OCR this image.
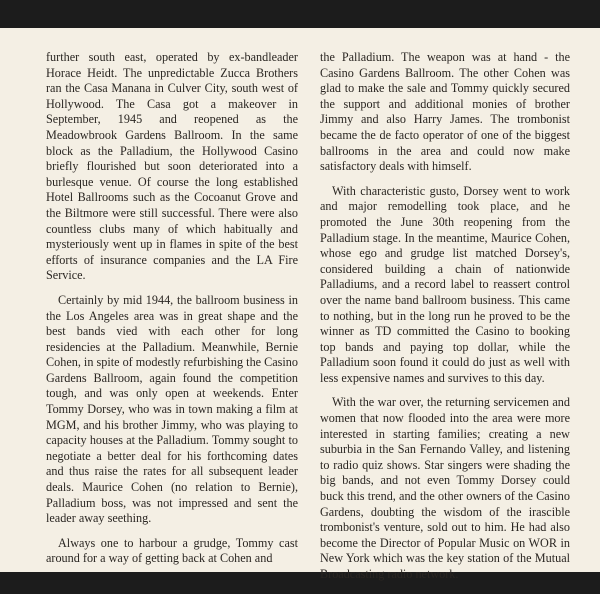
further south east, operated by ex-bandleader Horace Heidt. The unpredictable Zucca Brothers ran the Casa Manana in Culver City, south west of Hollywood. The Casa got a makeover in September, 1945 and reopened as the Meadowbrook Gardens Ballroom. In the same block as the Palladium, the Hollywood Casino briefly flourished but soon deteriorated into a burlesque venue. Of course the long established Hotel Ballrooms such as the Cocoanut Grove and the Biltmore were still successful. There were also countless clubs many of which habitually and mysteriously went up in flames in spite of the best efforts of insurance companies and the LA Fire Service.

Certainly by mid 1944, the ballroom business in the Los Angeles area was in great shape and the best bands vied with each other for long residencies at the Palladium. Meanwhile, Bernie Cohen, in spite of modestly refurbishing the Casino Gardens Ballroom, again found the competition tough, and was only open at weekends. Enter Tommy Dorsey, who was in town making a film at MGM, and his brother Jimmy, who was playing to capacity houses at the Palladium. Tommy sought to negotiate a better deal for his forthcoming dates and thus raise the rates for all subsequent leader deals. Maurice Cohen (no relation to Bernie), Palladium boss, was not impressed and sent the leader away seething.

Always one to harbour a grudge, Tommy cast around for a way of getting back at Cohen and

the Palladium. The weapon was at hand - the Casino Gardens Ballroom. The other Cohen was glad to make the sale and Tommy quickly secured the support and additional monies of brother Jimmy and also Harry James. The trombonist became the de facto operator of one of the biggest ballrooms in the area and could now make satisfactory deals with himself.

With characteristic gusto, Dorsey went to work and major remodelling took place, and he promoted the June 30th reopening from the Palladium stage. In the meantime, Maurice Cohen, whose ego and grudge list matched Dorsey's, considered building a chain of nationwide Palladiums, and a record label to reassert control over the name band ballroom business. This came to nothing, but in the long run he proved to be the winner as TD committed the Casino to booking top bands and paying top dollar, while the Palladium soon found it could do just as well with less expensive names and survives to this day.

With the war over, the returning servicemen and women that now flooded into the area were more interested in starting families; creating a new suburbia in the San Fernando Valley, and listening to radio quiz shows. Star singers were shading the big bands, and not even Tommy Dorsey could buck this trend, and the other owners of the Casino Gardens, doubting the wisdom of the irascible trombonist's venture, sold out to him. He had also become the Director of Popular Music on WOR in New York which was the key station of the Mutual Broadcasting radio network.
